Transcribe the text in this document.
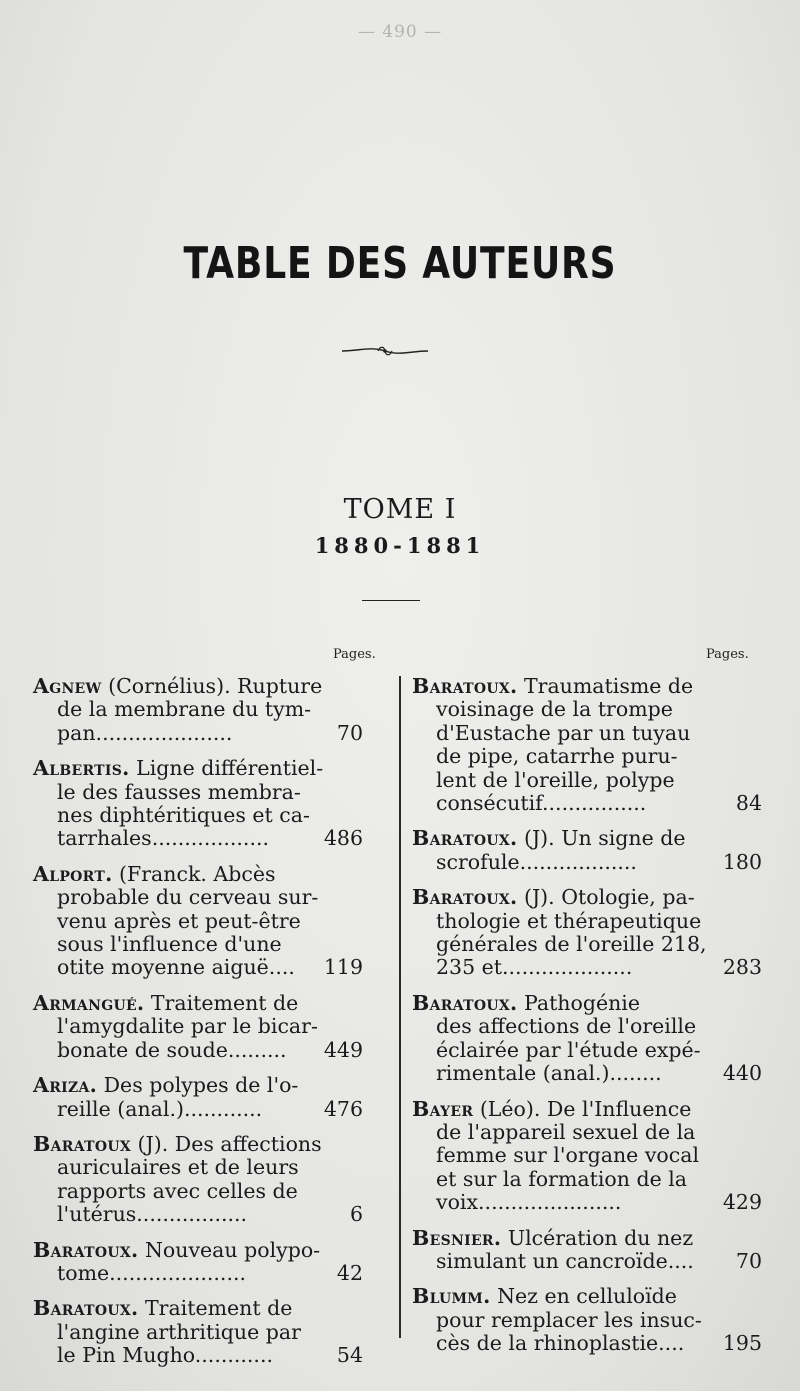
— 490 —
TABLE DES AUTEURS
TOME I
1880-1881
Pages.	Pages.
Agnew (Cornélius). Rupture
de la membrane du tym-
pan.....................	70
Albertis. Ligne différentiel-
le des fausses membra-
nes diphtéritiques et ca-
tarrhales..................	486
Alport. (Franck. Abcès
probable du cerveau sur-
venu après et peut-être
sous l'influence d'une
otite moyenne aiguë.... 119
Armangué. Traitement de
l'amygdalite par le bicar-
bonate de soude......... 449
Ariza. Des polypes de l'o-
reille (anal.)............	476
Baratoux (J). Des affections
auriculaires et de leurs
rapports avec celles de
l'utérus.................	6
Baratoux. Nouveau polypo-
tome.....................	42
Baratoux. Traitement de
l'angine arthritique par
le Pin Mugho............	54
Baratoux. Traumatisme de
voisinage de la trompe
d'Eustache par un tuyau
de pipe, catarrhe puru-
lent de l'oreille, polype
consécutif................	84
Baratoux. (J). Un signe de
scrofule..................	180
Baratoux. (J). Otologie, pa-
thologie et thérapeutique
générales de l'oreille 218,
235 et....................	283
Baratoux. Pathogénie
des affections de l'oreille
éclairée par l'étude expé-
rimentale (anal.)........	440
Bayer (Léo). De l'Influence
de l'appareil sexuel de la
femme sur l'organe vocal
et sur la formation de la
voix......................	429
Besnier. Ulcération du nez
simulant un cancroïde.... 70
Blumm. Nez en celluloïde
pour remplacer les insuc-
cès de la rhinoplastie.... 195
